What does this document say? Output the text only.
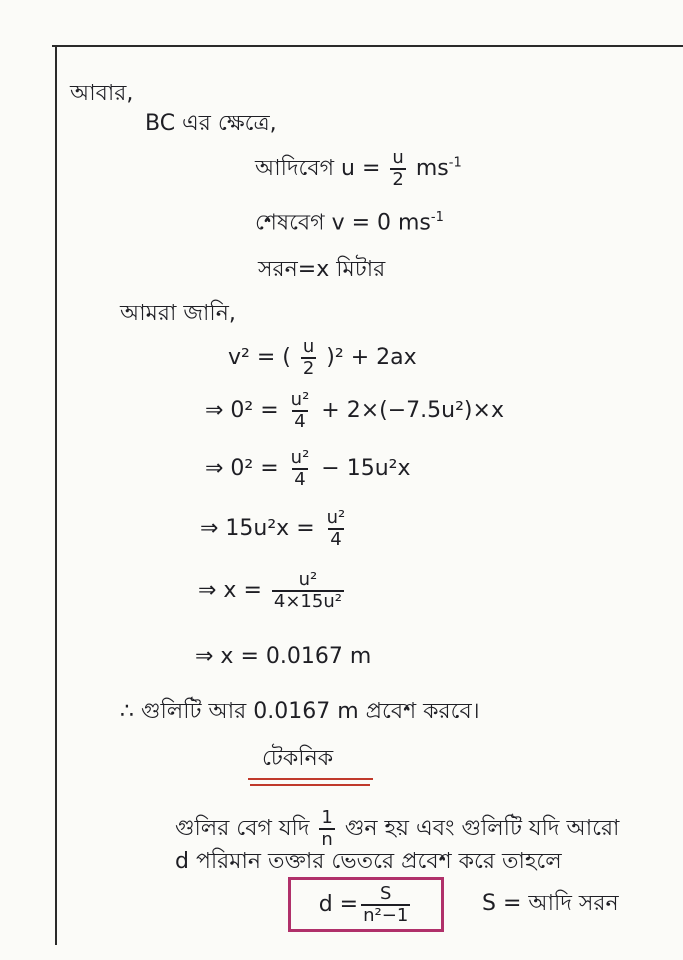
আবার,
BC এর ক্ষেত্রে,
আদিবেগ $u = \frac{u}{2} ms^{-1}$
শেষবেগ v = 0 $ms^{-1}$
সরন=x মিটার
আমরা জানি,
v² = ( $\frac{u}{2} )^2 + 2ax$
⇒ $0^2 = \frac{\text{u²}}{4} + 2\times(-7.5u^2)\times x$
⇒ $0^2 = \frac{\text{u²}}{4} - 15u^2x$
⇒ $15u^2x = \frac{\text{u²}}{4}$
⇒ $x = \frac{\text{u²}}{\text{4×15u²}}$
⇒ x = 0.0167 m
∴ গুলিটি আর 0.0167 m প্রবেশ করবে।
টেকনিক
গুলির বেগ যদি $\frac{1}{n}$ গুন হয় এবং গুলিটি যদি আরো
d পরিমান তক্তার ভেতরে প্রবেশ করে তাহলে
$d = \frac{S}{\text{n²−1}}$	S = আদি সরন
